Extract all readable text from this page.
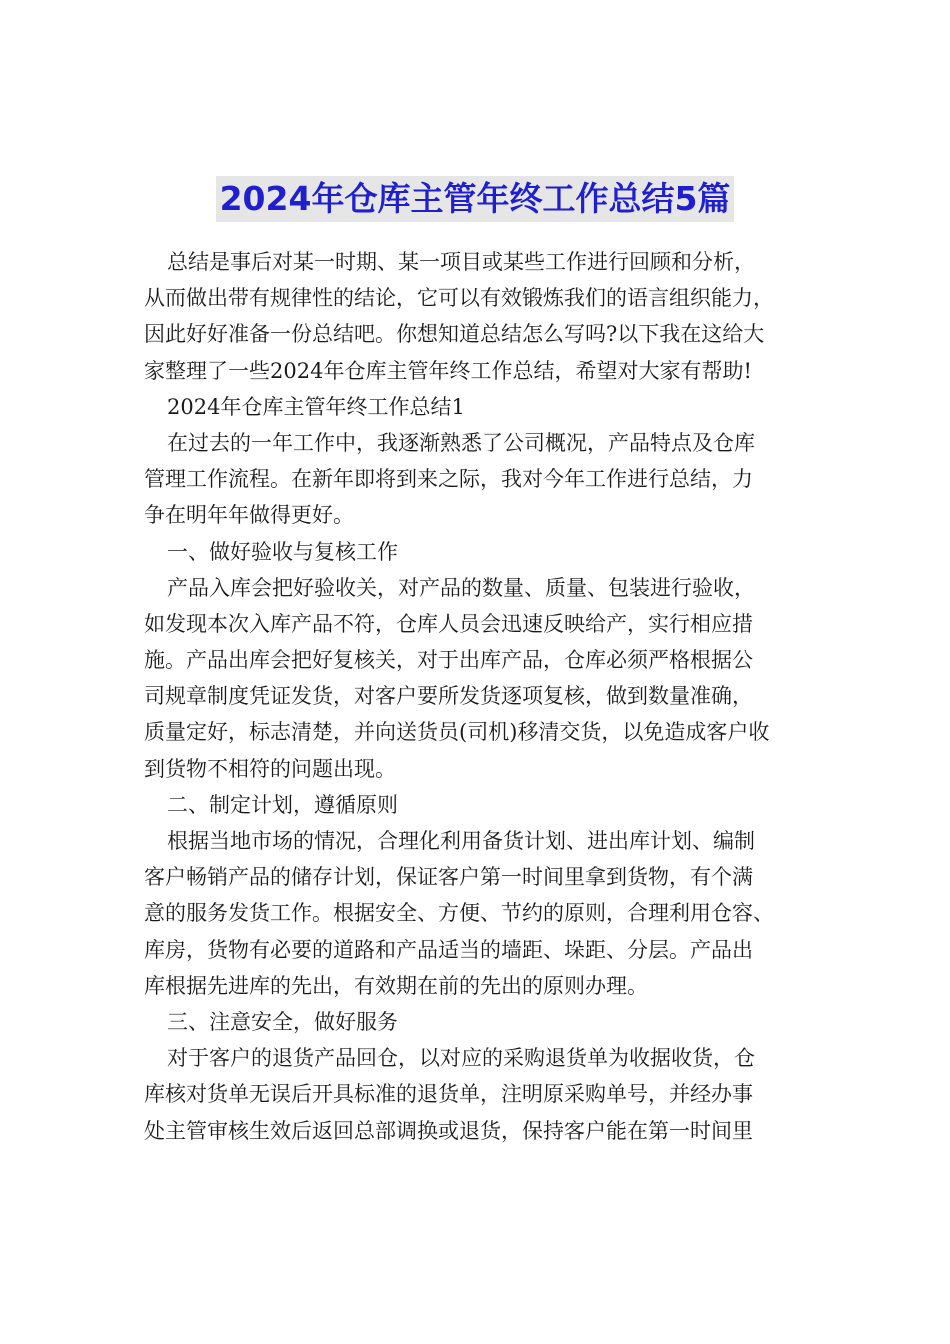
2024年仓库主管年终工作总结5篇
总结是事后对某一时期、某一项目或某些工作进行回顾和分析，
从而做出带有规律性的结论，它可以有效锻炼我们的语言组织能力，
因此好好准备一份总结吧。你想知道总结怎么写吗?以下我在这给大
家整理了一些2024年仓库主管年终工作总结，希望对大家有帮助!
2024年仓库主管年终工作总结1
在过去的一年工作中，我逐渐熟悉了公司概况，产品特点及仓库
管理工作流程。在新年即将到来之际，我对今年工作进行总结，力
争在明年年做得更好。
一、做好验收与复核工作
产品入库会把好验收关，对产品的数量、质量、包装进行验收，
如发现本次入库产品不符，仓库人员会迅速反映给产，实行相应措
施。产品出库会把好复核关，对于出库产品，仓库必须严格根据公
司规章制度凭证发货，对客户要所发货逐项复核，做到数量准确，
质量定好，标志清楚，并向送货员(司机)移清交货，以免造成客户收
到货物不相符的问题出现。
二、制定计划，遵循原则
根据当地市场的情况，合理化利用备货计划、进出库计划、编制
客户畅销产品的储存计划，保证客户第一时间里拿到货物，有个满
意的服务发货工作。根据安全、方便、节约的原则，合理利用仓容、
库房，货物有必要的道路和产品适当的墙距、垛距、分层。产品出
库根据先进库的先出，有效期在前的先出的原则办理。
三、注意安全，做好服务
对于客户的退货产品回仓，以对应的采购退货单为收据收货，仓
库核对货单无误后开具标准的退货单，注明原采购单号，并经办事
处主管审核生效后返回总部调换或退货，保持客户能在第一时间里
